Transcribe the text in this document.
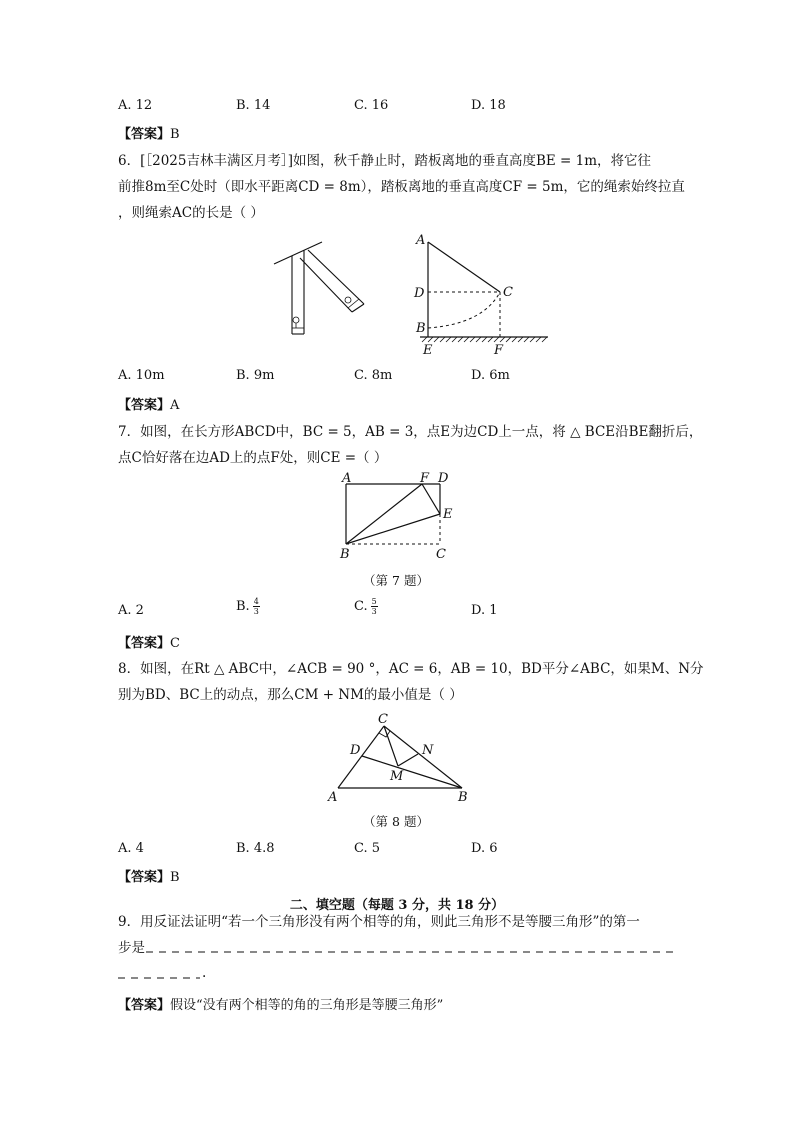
A. 12	B. 14	C. 16	D. 18
【答案】B
6．[［2025吉林丰满区月考］]如图，秋千静止时，踏板离地的垂直高度BE = 1m，将它往
前推8m至C处时（即水平距离CD = 8m），踏板离地的垂直高度CF = 5m，它的绳索始终拉直
，则绳索AC的长是（ ）
A
D	C
B
E	F
A. 10m	B. 9m	C. 8m	D. 6m
【答案】A
7．如图，在长方形ABCD中，BC = 5，AB = 3，点E为边CD上一点，将 △ BCE沿BE翻折后，
点C恰好落在边AD上的点F处，则CE =（ ）
A	F D
E
B	C
（第 7 题）
A. 2	B. $\frac{4}{3}$	C. $\frac{5}{3}$	D. 1
【答案】C
8．如图，在Rt △ ABC中，∠ACB = 90 °，AC = 6，AB = 10，BD平分∠ABC，如果M、N分
别为BD、BC上的动点，那么CM + NM的最小值是（ ）
C
D	N
M
A	B
（第 8 题）
A. 4	B. 4.8	C. 5	D. 6
【答案】B
二、填空题（每题 3 分，共 18 分）
9．用反证法证明“若一个三角形没有两个相等的角，则此三角形不是等腰三角形”的第一
步是
.
【答案】假设“没有两个相等的角的三角形是等腰三角形”
